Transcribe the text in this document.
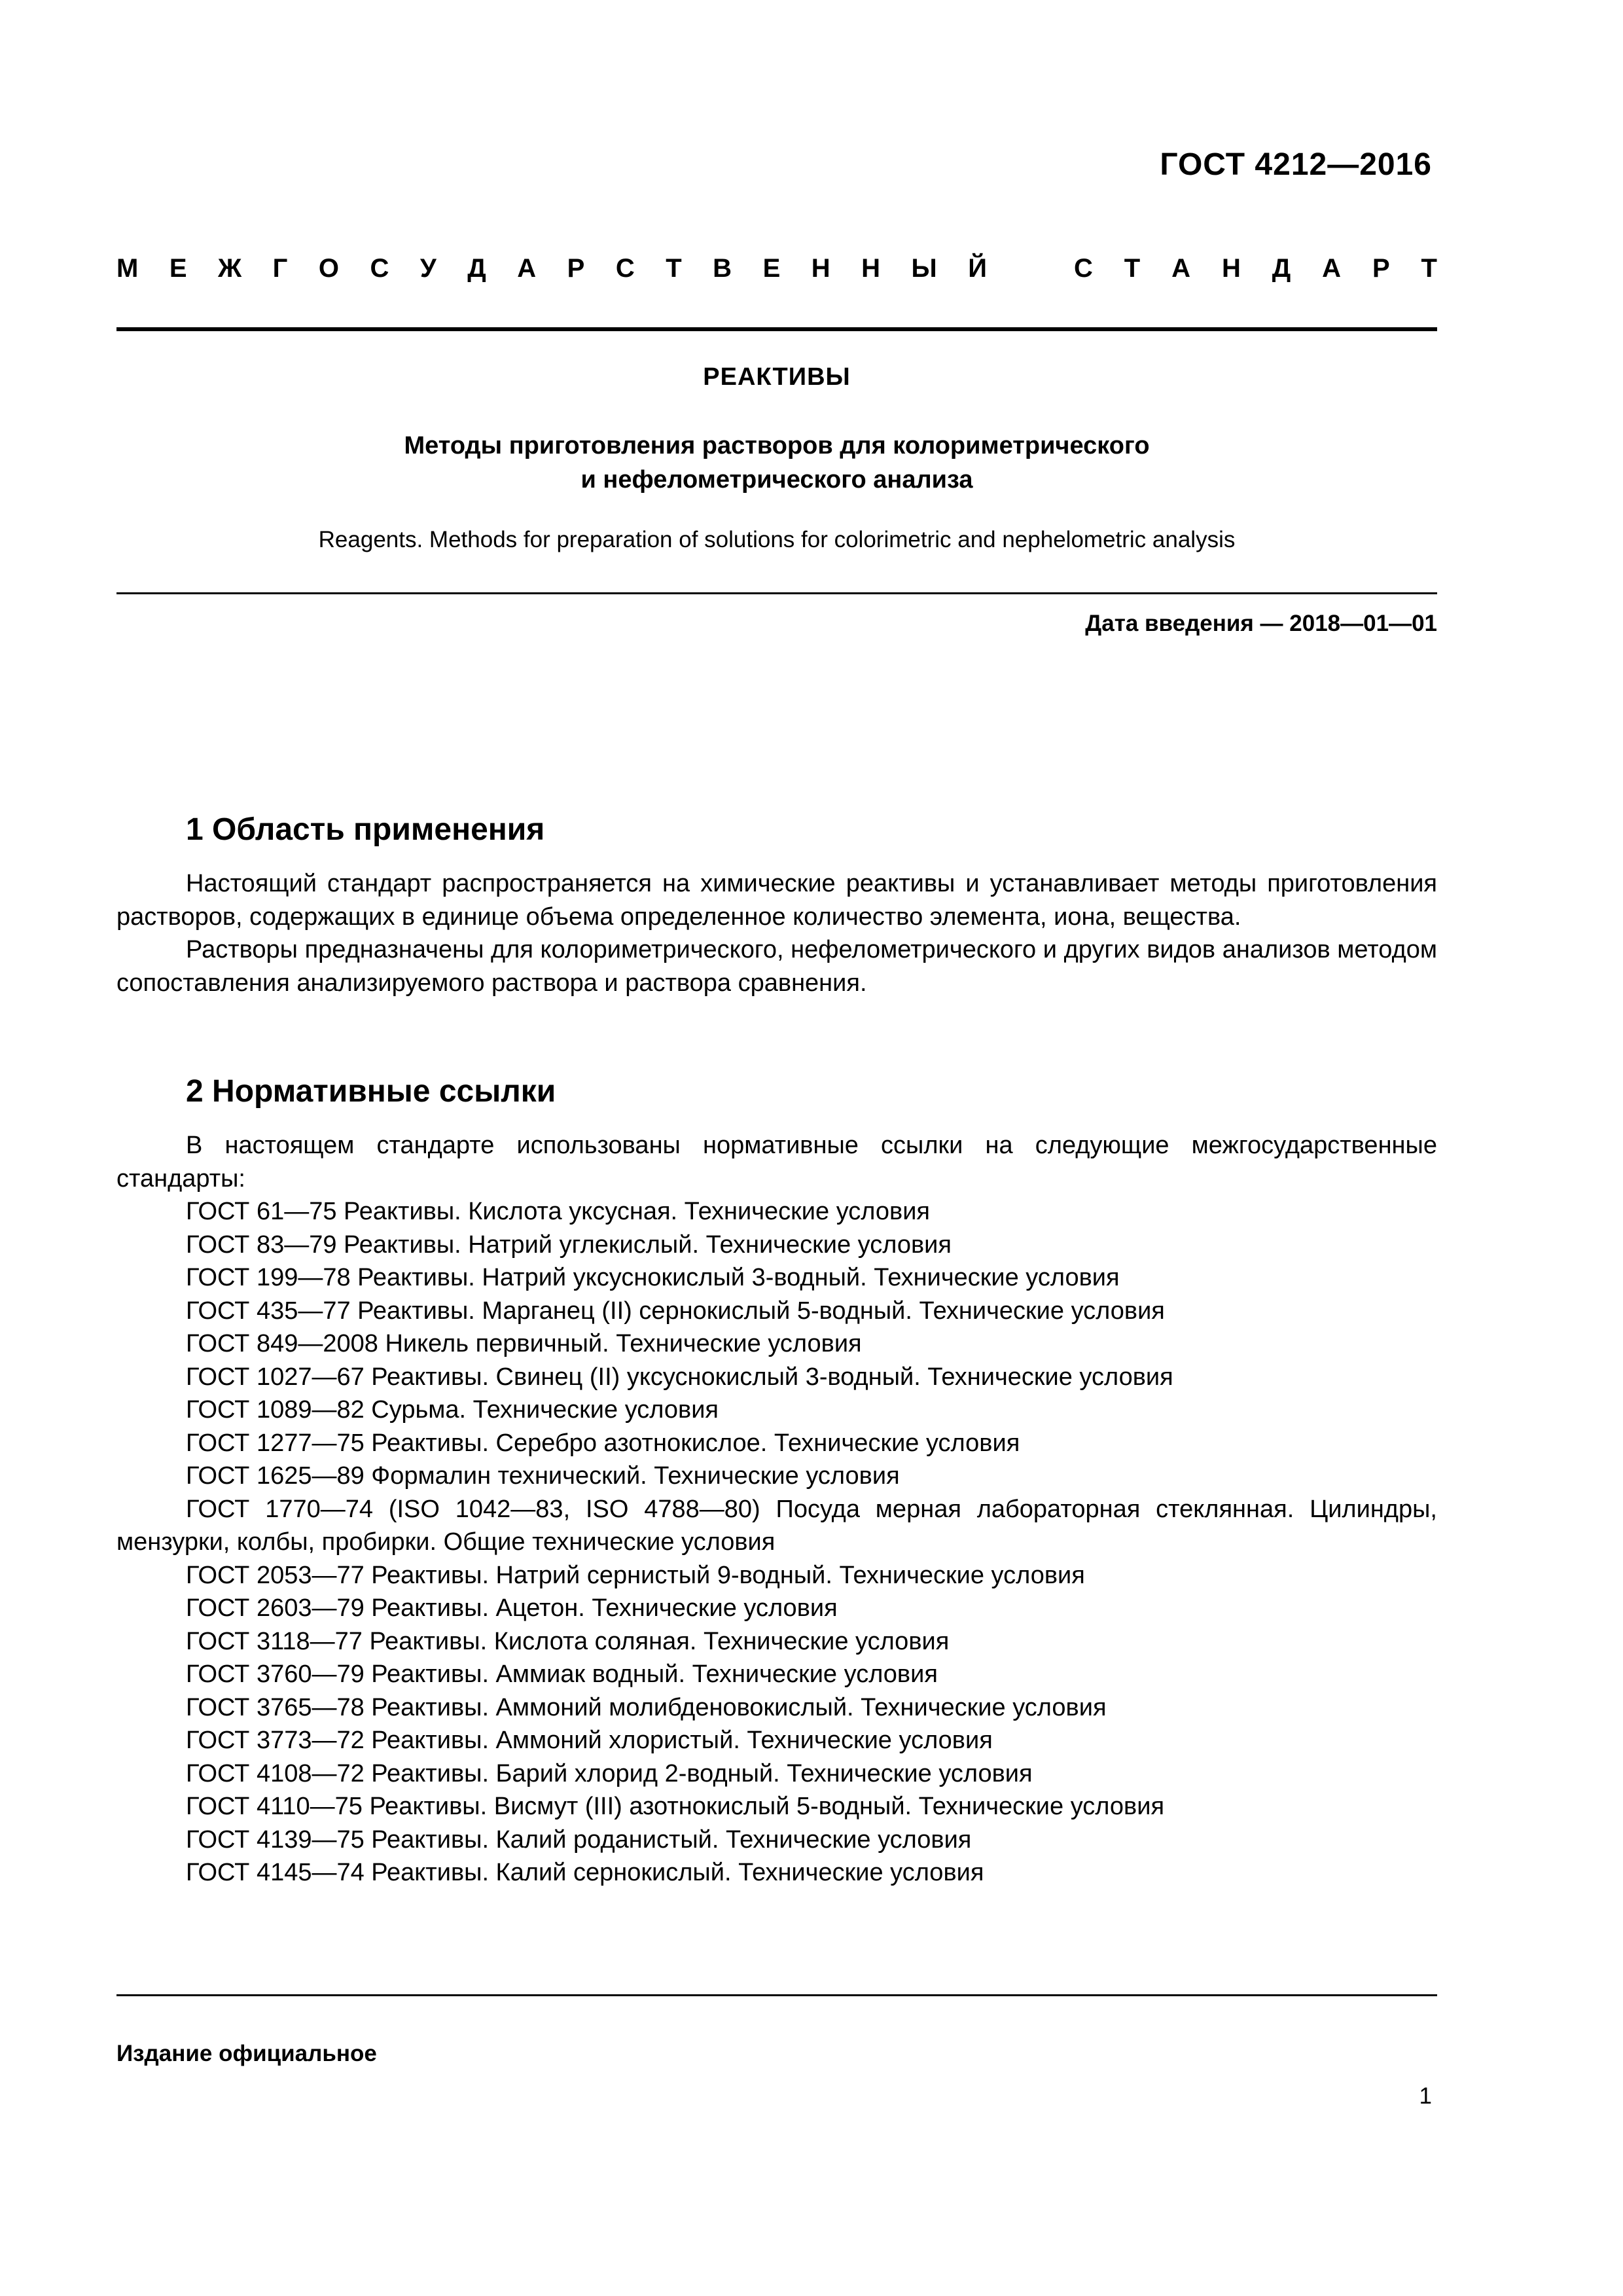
ГОСТ 4212—2016
М Е Ж Г О С У Д А Р С Т В Е Н Н Ы Й	С Т А Н Д А Р Т
РЕАКТИВЫ
Методы приготовления растворов для колориметрического
и нефелометрического анализа
Reagents. Methods for preparation of solutions for colorimetric and nephelometric analysis
Дата введения — 2018—01—01
1 Область применения

Настоящий стандарт распространяется на химические реактивы и устанавливает методы приготовления растворов, содержащих в единице объема определенное количество элемента, иона, вещества.

Растворы предназначены для колориметрического, нефелометрического и других видов анализов методом сопоставления анализируемого раствора и раствора сравнения.

2 Нормативные ссылки

В настоящем стандарте использованы нормативные ссылки на следующие межгосударственные стандарты:

ГОСТ 61—75 Реактивы. Кислота уксусная. Технические условия
ГОСТ 83—79 Реактивы. Натрий углекислый. Технические условия
ГОСТ 199—78 Реактивы. Натрий уксуснокислый 3-водный. Технические условия
ГОСТ 435—77 Реактивы. Марганец (II) сернокислый 5-водный. Технические условия
ГОСТ 849—2008 Никель первичный. Технические условия
ГОСТ 1027—67 Реактивы. Свинец (II) уксуснокислый 3-водный. Технические условия
ГОСТ 1089—82 Сурьма. Технические условия
ГОСТ 1277—75 Реактивы. Серебро азотнокислое. Технические условия
ГОСТ 1625—89 Формалин технический. Технические условия
ГОСТ 1770—74 (ISO 1042—83, ISO 4788—80) Посуда мерная лабораторная стеклянная. Цилиндры, мензурки, колбы, пробирки. Общие технические условия
ГОСТ 2053—77 Реактивы. Натрий сернистый 9-водный. Технические условия
ГОСТ 2603—79 Реактивы. Ацетон. Технические условия
ГОСТ 3118—77 Реактивы. Кислота соляная. Технические условия
ГОСТ 3760—79 Реактивы. Аммиак водный. Технические условия
ГОСТ 3765—78 Реактивы. Аммоний молибденовокислый. Технические условия
ГОСТ 3773—72 Реактивы. Аммоний хлористый. Технические условия
ГОСТ 4108—72 Реактивы. Барий хлорид 2-водный. Технические условия
ГОСТ 4110—75 Реактивы. Висмут (III) азотнокислый 5-водный. Технические условия
ГОСТ 4139—75 Реактивы. Калий роданистый. Технические условия
ГОСТ 4145—74 Реактивы. Калий сернокислый. Технические условия
Издание официальное
1
